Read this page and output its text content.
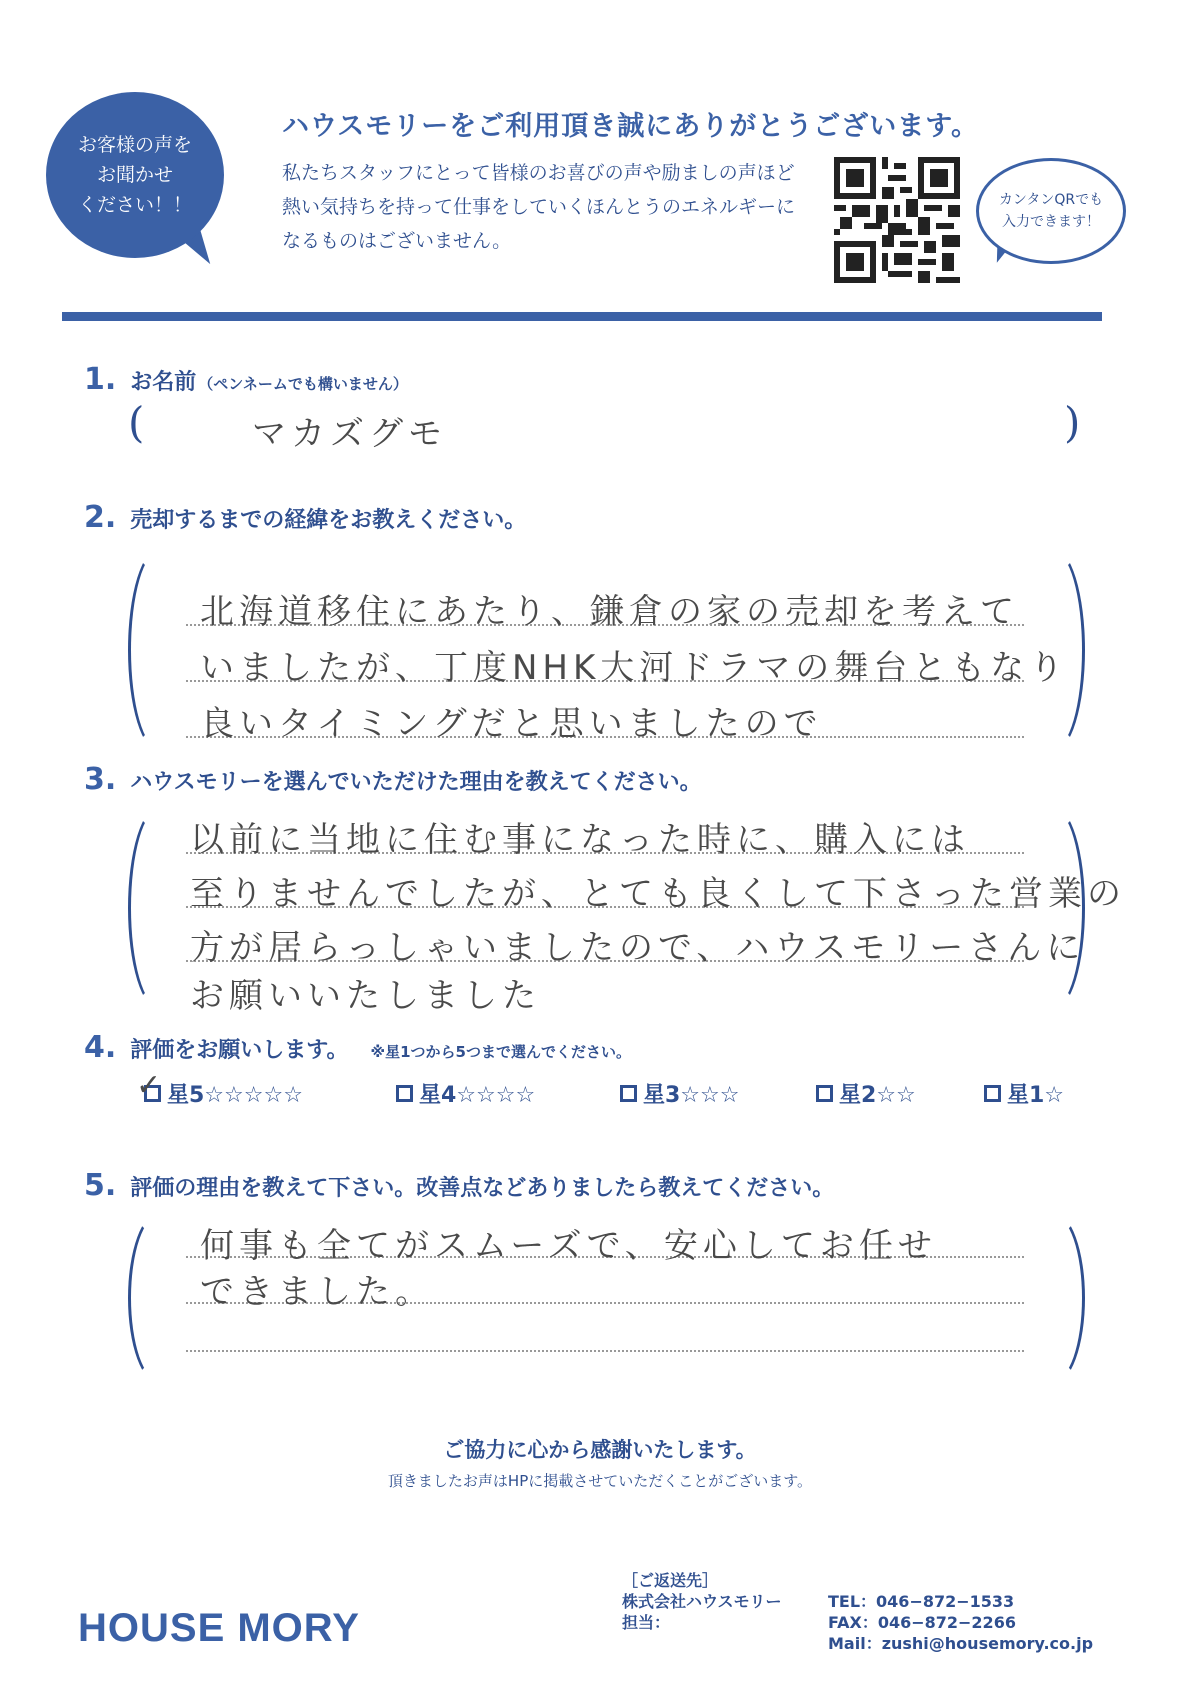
お客様の声を
お聞かせ
ください！！
ハウスモリーをご利用頂き誠にありがとうございます。
私たちスタッフにとって皆様のお喜びの声や励ましの声ほど
熱い気持ちを持って仕事をしていくほんとうのエネルギーに
なるものはございません。
カンタンQRでも
入力できます！
1. お名前 （ペンネームでも構いません）
(	)
マカズグモ
2. 売却するまでの経緯をお教えください。
北海道移住にあたり、鎌倉の家の売却を考えて
いましたが、丁度NHK大河ドラマの舞台ともなり
良いタイミングだと思いましたので
3. ハウスモリーを選んでいただけた理由を教えてください。
以前に当地に住む事になった時に、購入には
至りませんでしたが、とても良くして下さった営業の
方が居らっしゃいましたので、ハウスモリーさんに
お願いいたしました
4. 評価をお願いします。 ※星1つから5つまで選んでください。
星5☆☆☆☆☆
✓	星4☆☆☆☆	星3☆☆☆	星2☆☆	星1☆
5. 評価の理由を教えて下さい。改善点などありましたら教えてください。
何事も全てがスムーズで、安心してお任せ
できました。
ご協力に心から感謝いたします。
頂きましたお声はHPに掲載させていただくことがございます。
HOUSE MORY
［ご返送先］
株式会社ハウスモリー
担当：
TEL：046−872−1533
FAX：046−872−2266
Mail：zushi@housemory.co.jp
